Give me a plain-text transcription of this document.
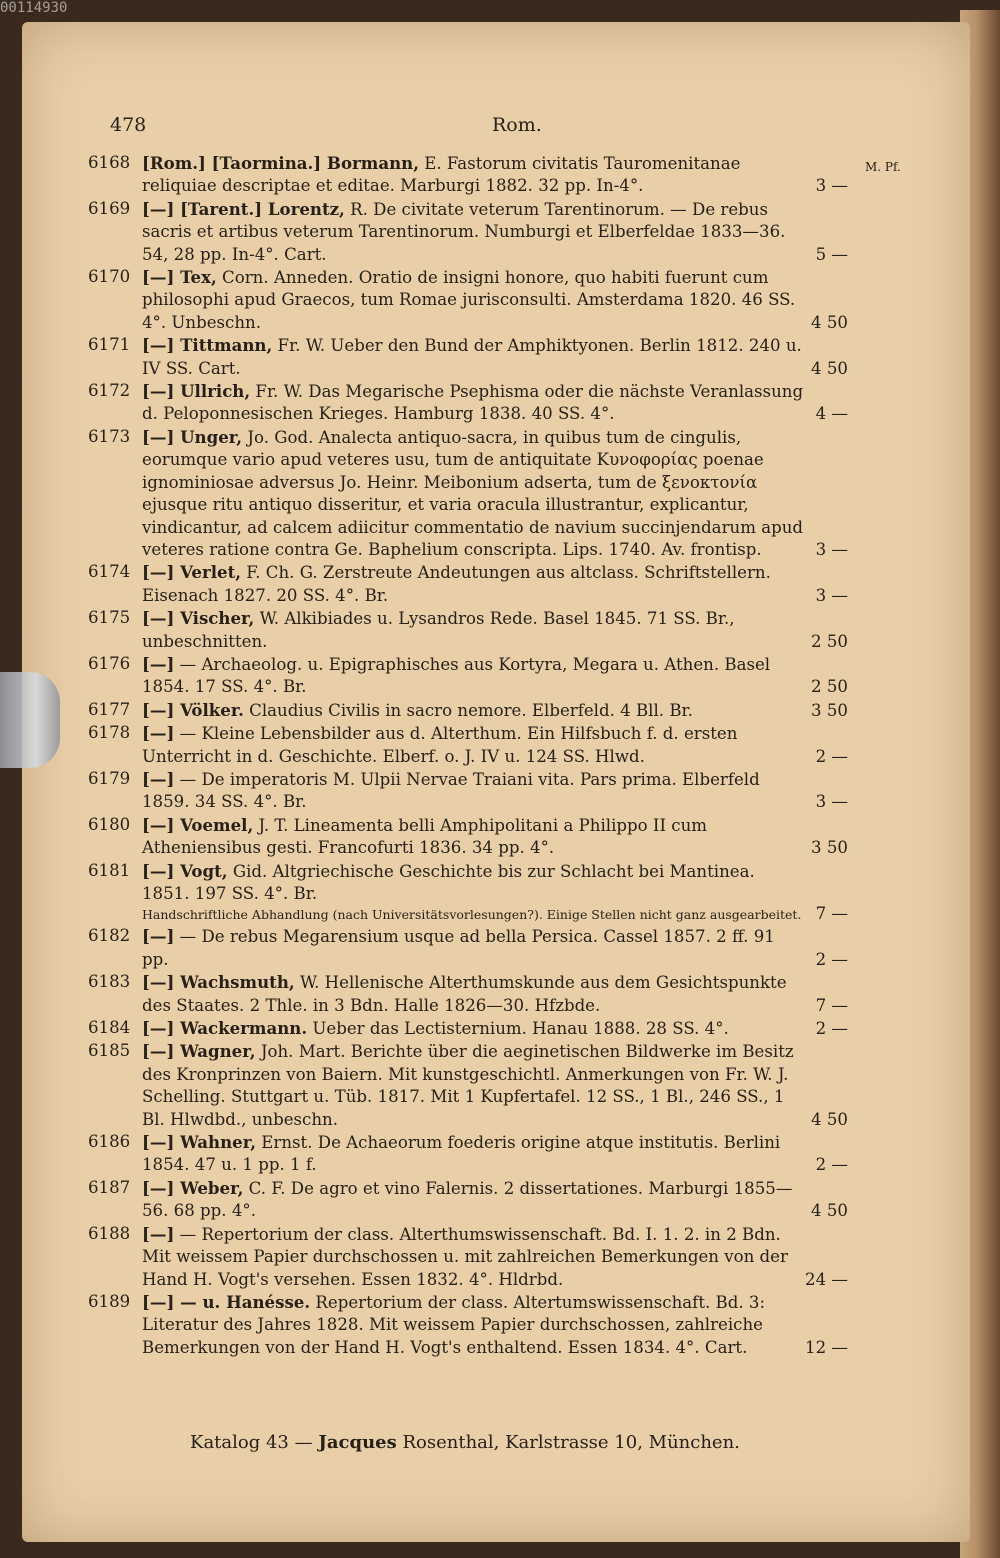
478	Rom.
M. Pf.
00114930
6168 [Rom.] [Taormina.] Bormann, E. Fastorum civitatis Tauromenitanae reliquiae descriptae et editae. Marburgi 1882. 32 pp. In-4°.	3 —
6169 [—] [Tarent.] Lorentz, R. De civitate veterum Tarentinorum. — De rebus sacris et artibus veterum Tarentinorum. Numburgi et Elberfeldae 1833—36. 54, 28 pp. In-4°. Cart.	5 —
6170 [—] Tex, Corn. Anneden. Oratio de insigni honore, quo habiti fuerunt cum philosophi apud Graecos, tum Romae jurisconsulti. Amsterdama 1820. 46 SS. 4°. Unbeschn.	4 50
6171 [—] Tittmann, Fr. W. Ueber den Bund der Amphiktyonen. Berlin 1812. 240 u. IV SS. Cart.	4 50
6172 [—] Ullrich, Fr. W. Das Megarische Psephisma oder die nächste Veranlassung d. Peloponnesischen Krieges. Hamburg 1838. 40 SS. 4°.	4 —
6173 [—] Unger, Jo. God. Analecta antiquo-sacra, in quibus tum de cingulis, eorumque vario apud veteres usu, tum de antiquitate Κυνοφορίας poenae ignominiosae adversus Jo. Heinr. Meibonium adserta, tum de ξενοκτονία ejusque ritu antiquo disseritur, et varia oracula illustrantur, explicantur, vindicantur, ad calcem adiicitur commentatio de navium succinjendarum apud veteres ratione contra Ge. Baphelium conscripta. Lips. 1740. Av. frontisp.	3 —
6174 [—] Verlet, F. Ch. G. Zerstreute Andeutungen aus altclass. Schriftstellern. Eisenach 1827. 20 SS. 4°. Br.	3 —
6175 [—] Vischer, W. Alkibiades u. Lysandros Rede. Basel 1845. 71 SS. Br., unbeschnitten.	2 50
6176 [—] — Archaeolog. u. Epigraphisches aus Kortyra, Megara u. Athen. Basel 1854. 17 SS. 4°. Br.	2 50
6177 [—] Völker. Claudius Civilis in sacro nemore. Elberfeld. 4 Bll. Br.	3 50
6178 [—] — Kleine Lebensbilder aus d. Alterthum. Ein Hilfsbuch f. d. ersten Unterricht in d. Geschichte. Elberf. o. J. IV u. 124 SS. Hlwd.	2 —
6179 [—] — De imperatoris M. Ulpii Nervae Traiani vita. Pars prima. Elberfeld 1859. 34 SS. 4°. Br.	3 —
6180 [—] Voemel, J. T. Lineamenta belli Amphipolitani a Philippo II cum Atheniensibus gesti. Francofurti 1836. 34 pp. 4°.	3 50
6181 [—] Vogt, Gid. Altgriechische Geschichte bis zur Schlacht bei Mantinea. 1851. 197 SS. 4°. Br.
Handschriftliche Abhandlung (nach Universitätsvorlesungen?). Einige Stellen nicht ganz ausgearbeitet. 7 —
6182 [—] — De rebus Megarensium usque ad bella Persica. Cassel 1857. 2 ff. 91 pp.	2 —
6183 [—] Wachsmuth, W. Hellenische Alterthumskunde aus dem Gesichtspunkte des Staates. 2 Thle. in 3 Bdn. Halle 1826—30. Hfzbde.	7 —
6184 [—] Wackermann. Ueber das Lectisternium. Hanau 1888. 28 SS. 4°.	2 —
6185 [—] Wagner, Joh. Mart. Berichte über die aeginetischen Bildwerke im Besitz des Kronprinzen von Baiern. Mit kunstgeschichtl. Anmerkungen von Fr. W. J. Schelling. Stuttgart u. Tüb. 1817. Mit 1 Kupfertafel. 12 SS., 1 Bl., 246 SS., 1 Bl. Hlwdbd., unbeschn.	4 50
6186 [—] Wahner, Ernst. De Achaeorum foederis origine atque institutis. Berlini 1854. 47 u. 1 pp. 1 f.	2 —
6187 [—] Weber, C. F. De agro et vino Falernis. 2 dissertationes. Marburgi 1855—56. 68 pp. 4°.	4 50
6188 [—] — Repertorium der class. Alterthumswissenschaft. Bd. I. 1. 2. in 2 Bdn. Mit weissem Papier durchschossen u. mit zahlreichen Bemerkungen von der Hand H. Vogt's versehen. Essen 1832. 4°. Hldrbd.	24 —
6189 [—] — u. Hanésse. Repertorium der class. Altertumswissenschaft. Bd. 3: Literatur des Jahres 1828. Mit weissem Papier durchschossen, zahlreiche Bemerkungen von der Hand H. Vogt's enthaltend. Essen 1834. 4°. Cart.	12 —
Katalog 43 — Jacques Rosenthal, Karlstrasse 10, München.
